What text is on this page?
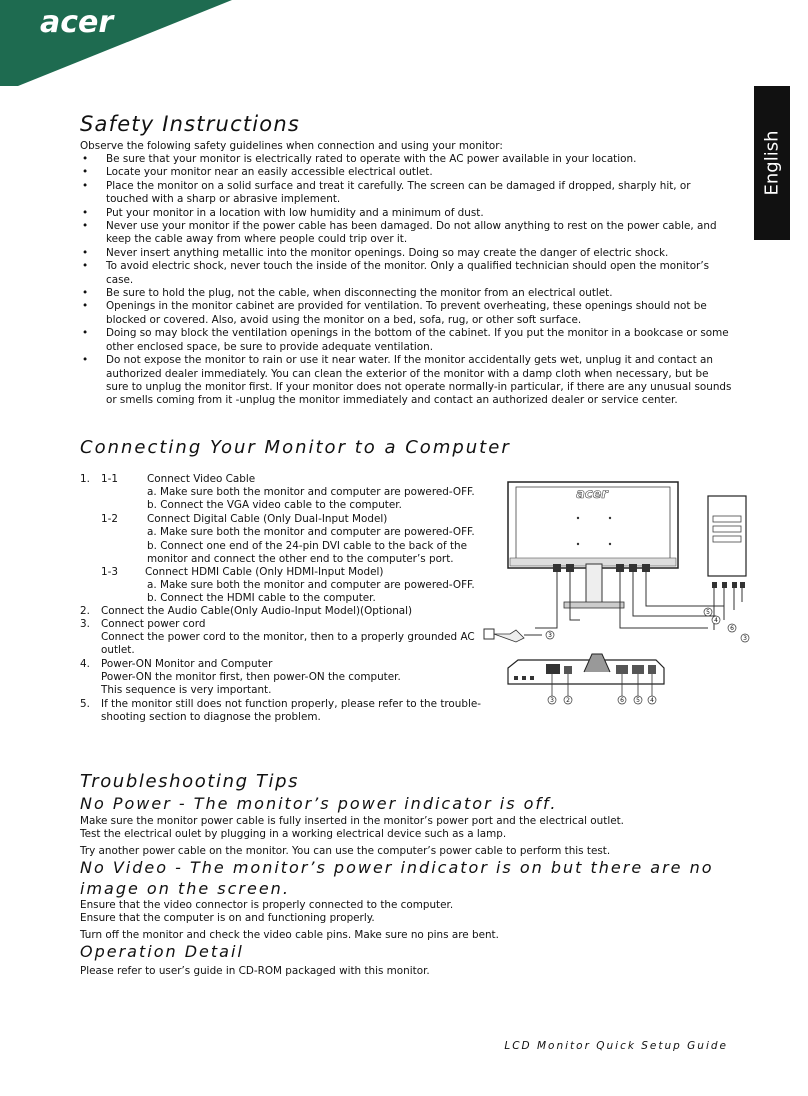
acer
English
Safety Instructions
Observe the folowing safety guidelines when connection and using your monitor:
• Be sure that your monitor is electrically rated to operate with the AC power available in your location.
• Locate your monitor near an easily accessible electrical outlet.
• Place the monitor on a solid surface and treat it carefully. The screen can be damaged if dropped, sharply hit, or touched with a sharp or abrasive implement.
• Put your monitor in a location with low humidity and a minimum of dust.
• Never use your monitor if the power cable has been damaged. Do not allow anything to rest on the power cable, and keep the cable away from where people could trip over it.
• Never insert anything metallic into the monitor openings. Doing so may create the danger of electric shock.
• To avoid electric shock, never touch the inside of the monitor. Only a qualified technician should open the monitor’s case.
• Be sure to hold the plug, not the cable, when disconnecting the monitor from an electrical outlet.
• Openings in the monitor cabinet are provided for ventilation. To prevent overheating, these openings should not be blocked or covered. Also, avoid using the monitor on a bed, sofa, rug, or other soft surface.
• Doing so may block the ventilation openings in the bottom of the cabinet. If you put the monitor in a bookcase or some other enclosed space, be sure to provide adequate ventilation.
• Do not expose the monitor to rain or use it near water. If the monitor accidentally gets wet, unplug it and contact an authorized dealer immediately. You can clean the exterior of the monitor with a damp cloth when necessary, but be sure to unplug the monitor first. If your monitor does not operate normally-in particular, if there are any unusual sounds or smells coming from it -unplug the monitor immediately and contact an authorized dealer or service center.
Connecting Your Monitor to a Computer
1. 1-1	Connect Video Cable
a. Make sure both the monitor and computer are powered-OFF.
b. Connect the VGA video cable to the computer.
1-2	Connect Digital Cable (Only Dual-Input Model)
a. Make sure both the monitor and computer are powered-OFF.
b. Connect one end of the 24-pin DVI cable to the back of the
monitor and connect the other end to the computer’s port.
1-3	Connect HDMI Cable (Only HDMI-Input Model)
a. Make sure both the monitor and computer are powered-OFF.
b. Connect the HDMI cable to the computer.
2. Connect the Audio Cable(Only Audio-Input Model)(Optional)
3. Connect power cord
Connect the power cord to the monitor, then to a properly grounded AC
outlet.
4. Power-ON Monitor and Computer
Power-ON the monitor first, then power-ON the computer.
This sequence is very important.
5. If the monitor still does not function properly, please refer to the trouble-
shooting section to diagnose the problem.
acer
5
4
6
3
3
3 2	6 5 4
Troubleshooting Tips
No Power - The monitor’s power indicator is off.
Make sure the monitor power cable is fully inserted in the monitor’s power port and the electrical outlet.
Test the electrical oulet by plugging in a working electrical device such as a lamp.
Try another power cable on the monitor. You can use the computer’s power cable to perform this test.
No Video - The monitor’s power indicator is on but there are no
image on the screen.
Ensure that the video connector is properly connected to the computer.
Ensure that the computer is on and functioning properly.
Turn off the monitor and check the video cable pins. Make sure no pins are bent.
Operation Detail
Please refer to user’s guide in CD-ROM packaged with this monitor.
LCD Monitor Quick Setup Guide
